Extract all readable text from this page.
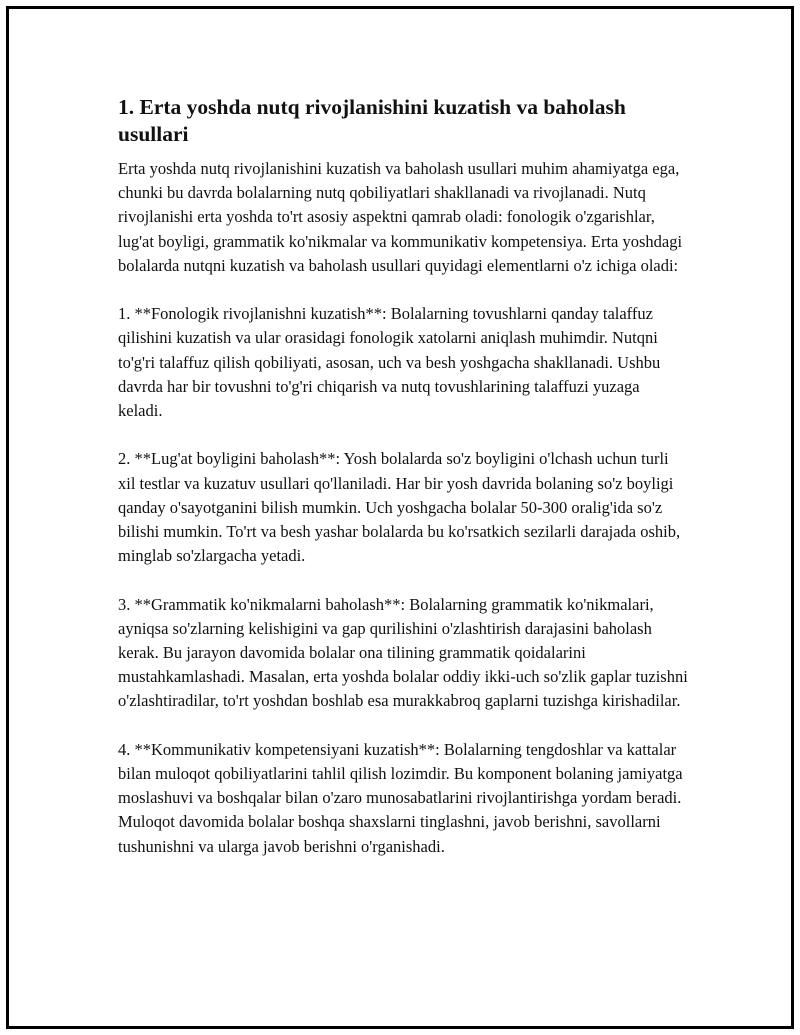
1. Erta yoshda nutq rivojlanishini kuzatish va baholash usullari

Erta yoshda nutq rivojlanishini kuzatish va baholash usullari muhim ahamiyatga ega, chunki bu davrda bolalarning nutq qobiliyatlari shakllanadi va rivojlanadi. Nutq rivojlanishi erta yoshda to'rt asosiy aspektni qamrab oladi: fonologik o'zgarishlar, lug'at boyligi, grammatik ko'nikmalar va kommunikativ kompetensiya. Erta yoshdagi bolalarda nutqni kuzatish va baholash usullari quyidagi elementlarni o'z ichiga oladi:

1. **Fonologik rivojlanishni kuzatish**: Bolalarning tovushlarni qanday talaffuz qilishini kuzatish va ular orasidagi fonologik xatolarni aniqlash muhimdir. Nutqni to'g'ri talaffuz qilish qobiliyati, asosan, uch va besh yoshgacha shakllanadi. Ushbu davrda har bir tovushni to'g'ri chiqarish va nutq tovushlarining talaffuzi yuzaga keladi.

2. **Lug'at boyligini baholash**: Yosh bolalarda so'z boyligini o'lchash uchun turli xil testlar va kuzatuv usullari qo'llaniladi. Har bir yosh davrida bolaning so'z boyligi qanday o'sayotganini bilish mumkin. Uch yoshgacha bolalar 50-300 oralig'ida so'z bilishi mumkin. To'rt va besh yashar bolalarda bu ko'rsatkich sezilarli darajada oshib, minglab so'zlargacha yetadi.

3. **Grammatik ko'nikmalarni baholash**: Bolalarning grammatik ko'nikmalari, ayniqsa so'zlarning kelishigini va gap qurilishini o'zlashtirish darajasini baholash kerak. Bu jarayon davomida bolalar ona tilining grammatik qoidalarini mustahkamlashadi. Masalan, erta yoshda bolalar oddiy ikki-uch so'zlik gaplar tuzishni o'zlashtiradilar, to'rt yoshdan boshlab esa murakkabroq gaplarni tuzishga kirishadilar.

4. **Kommunikativ kompetensiyani kuzatish**: Bolalarning tengdoshlar va kattalar bilan muloqot qobiliyatlarini tahlil qilish lozimdir. Bu komponent bolaning jamiyatga moslashuvi va boshqalar bilan o'zaro munosabatlarini rivojlantirishga yordam beradi. Muloqot davomida bolalar boshqa shaxslarni tinglashni, javob berishni, savollarni tushunishni va ularga javob berishni o'rganishadi.
